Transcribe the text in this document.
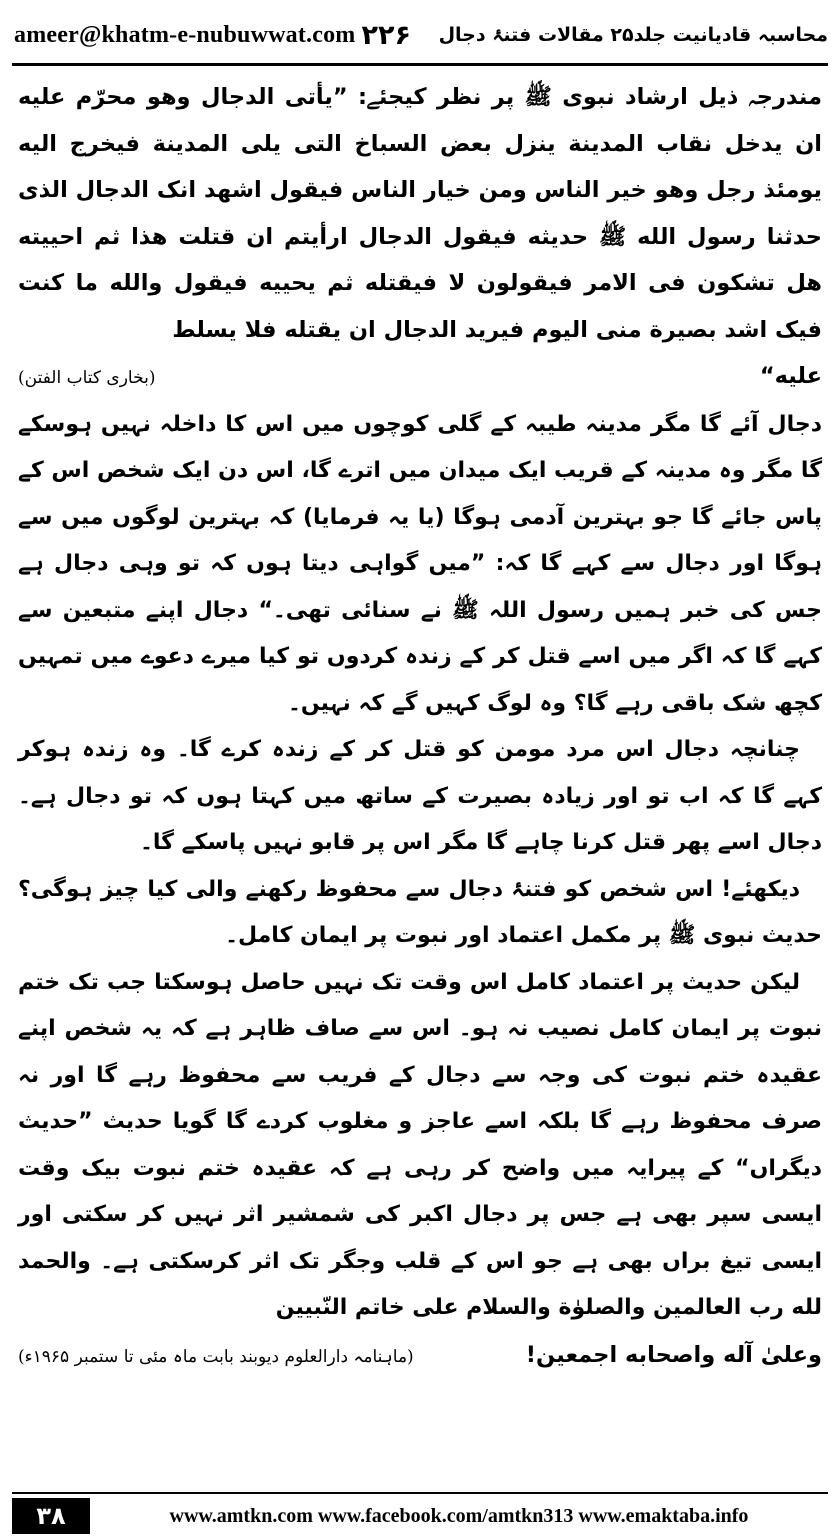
ameer@khatm-e-nubuwwat.com ۲۲۶ محاسبہ قادیانیت جلد۲۵ مقالات فتنۂ دجال

مندرجہ ذیل ارشاد نبوی ﷺ پر نظر کیجئے: ”یأتی الدجال وهو محرّم علیه ان یدخل نقاب المدینة ینزل بعض السباخ التی یلی المدینة فیخرج الیه یومئذ رجل وهو خیر الناس ومن خیار الناس فیقول اشهد انک الدجال الذی حدثنا رسول الله ﷺ حدیثه فیقول الدجال ارأیتم ان قتلت هذا ثم احییته هل تشکون فی الامر فیقولون لا فیقتله ثم یحییه فیقول والله ما کنت فیک اشد بصیرة منی الیوم فیرید الدجال ان یقتله فلا یسلط

علیه“
(بخاری کتاب الفتن)

دجال آئے گا مگر مدینہ طیبہ کے گلی کوچوں میں اس کا داخلہ نہیں ہوسکے گا مگر وہ مدینہ کے قریب ایک میدان میں اترے گا، اس دن ایک شخص اس کے پاس جائے گا جو بہترین آدمی ہوگا (یا یہ فرمایا) کہ بہترین لوگوں میں سے ہوگا اور دجال سے کہے گا کہ: ”میں گواہی دیتا ہوں کہ تو وہی دجال ہے جس کی خبر ہمیں رسول اللہ ﷺ نے سنائی تھی۔“ دجال اپنے متبعین سے کہے گا کہ اگر میں اسے قتل کر کے زندہ کردوں تو کیا میرے دعوے میں تمہیں کچھ شک باقی رہے گا؟ وہ لوگ کہیں گے کہ نہیں۔

چنانچہ دجال اس مرد مومن کو قتل کر کے زندہ کرے گا۔ وہ زندہ ہوکر کہے گا کہ اب تو اور زیادہ بصیرت کے ساتھ میں کہتا ہوں کہ تو دجال ہے۔ دجال اسے پھر قتل کرنا چاہے گا مگر اس پر قابو نہیں پاسکے گا۔

دیکھئے! اس شخص کو فتنۂ دجال سے محفوظ رکھنے والی کیا چیز ہوگی؟ حدیث نبوی ﷺ پر مکمل اعتماد اور نبوت پر ایمان کامل۔

لیکن حدیث پر اعتماد کامل اس وقت تک نہیں حاصل ہوسکتا جب تک ختم نبوت پر ایمان کامل نصیب نہ ہو۔ اس سے صاف ظاہر ہے کہ یہ شخص اپنے عقیدہ ختم نبوت کی وجہ سے دجال کے فریب سے محفوظ رہے گا اور نہ صرف محفوظ رہے گا بلکہ اسے عاجز و مغلوب کردے گا گویا حدیث ”حدیث دیگراں“ کے پیرایہ میں واضح کر رہی ہے کہ عقیدہ ختم نبوت بیک وقت ایسی سپر بھی ہے جس پر دجال اکبر کی شمشیر اثر نہیں کر سکتی اور ایسی تیغ براں بھی ہے جو اس کے قلب وجگر تک اثر کرسکتی ہے۔ والحمد لله رب العالمین والصلوٰة والسلام علی خاتم النّبیین

وعلیٰ آله واصحابه اجمعین!
(ماہنامہ دارالعلوم دیوبند بابت ماہ مئی تا ستمبر ۱۹۶۵ء)
۳۸	www.amtkn.com www.facebook.com/amtkn313 www.emaktaba.info
